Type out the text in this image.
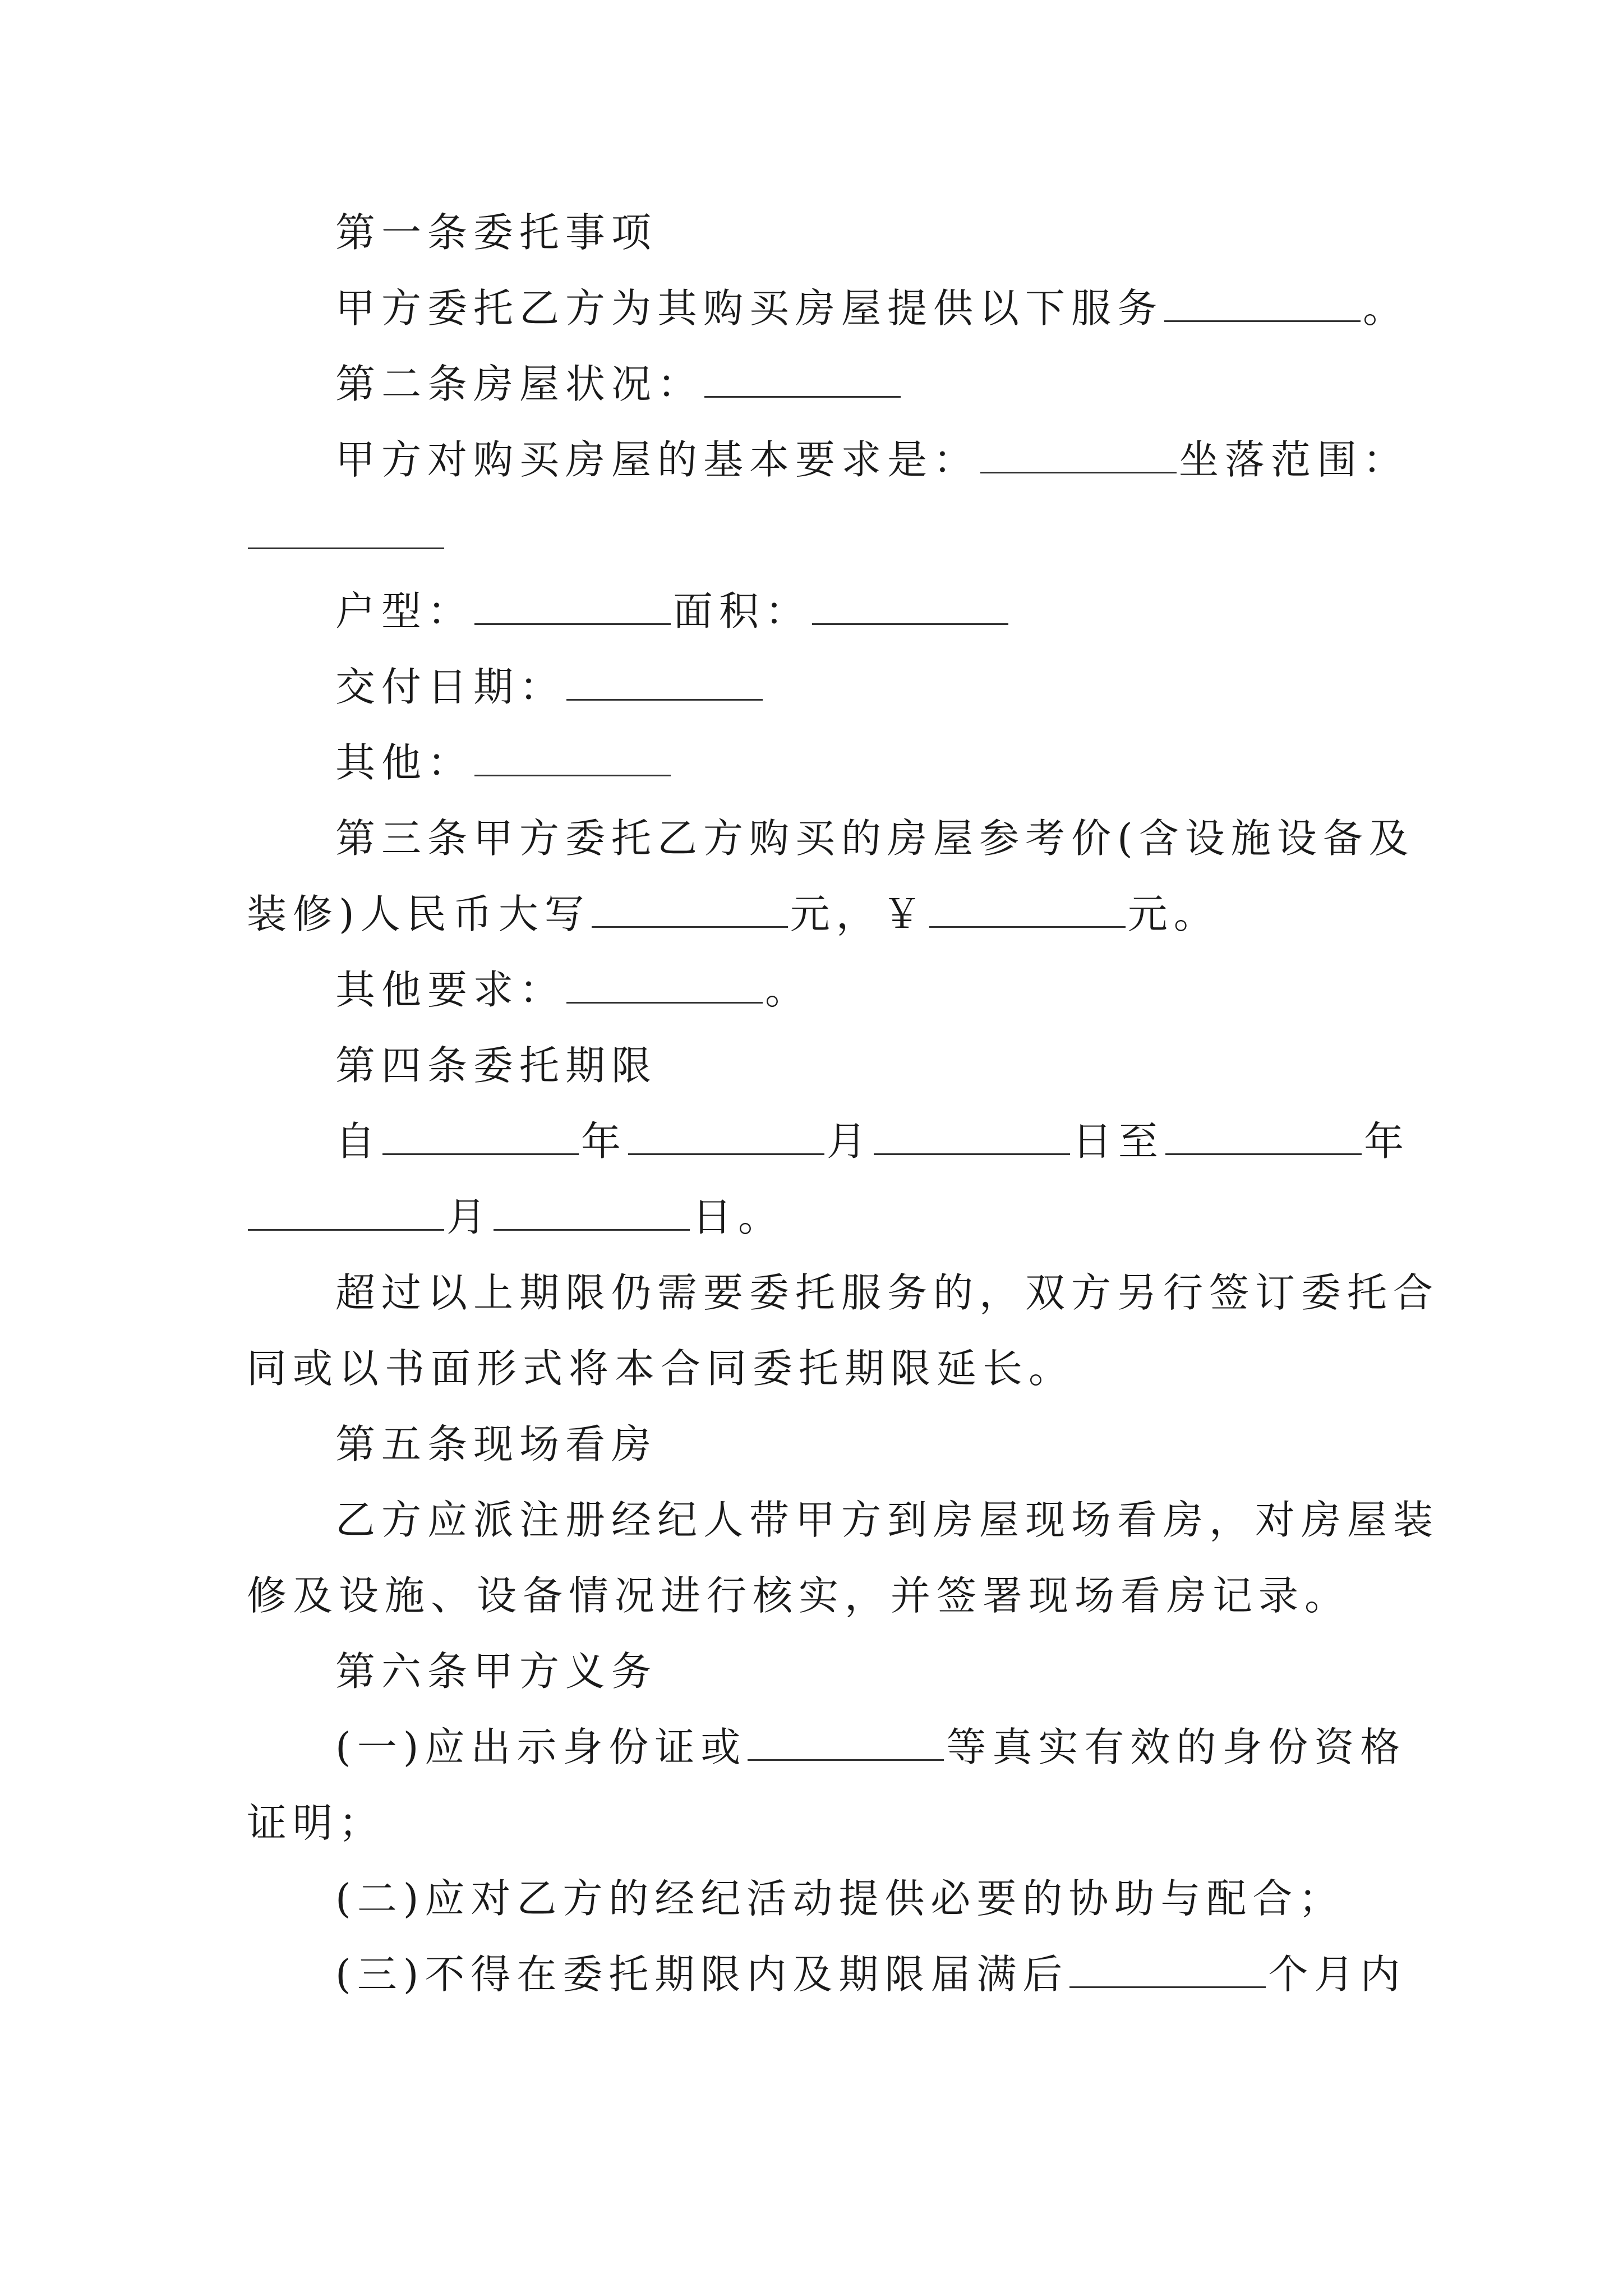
第一条委托事项
甲方委托乙方为其购买房屋提供以下服务	。
第二条房屋状况：
甲方对购买房屋的基本要求是：	坐落范围：
户型：	面积：
交付日期：
其他：
第三条甲方委托乙方购买的房屋参考价(含设施设备及
装修)人民币大写	元，￥	元。
其他要求：	。
第四条委托期限
自	年	月	日至	年
月	日。
超过以上期限仍需要委托服务的，双方另行签订委托合
同或以书面形式将本合同委托期限延长。
第五条现场看房
乙方应派注册经纪人带甲方到房屋现场看房，对房屋装
修及设施、设备情况进行核实，并签署现场看房记录。
第六条甲方义务
(一)应出示身份证或	等真实有效的身份资格
证明；
(二)应对乙方的经纪活动提供必要的协助与配合；
(三)不得在委托期限内及期限届满后	个月内
